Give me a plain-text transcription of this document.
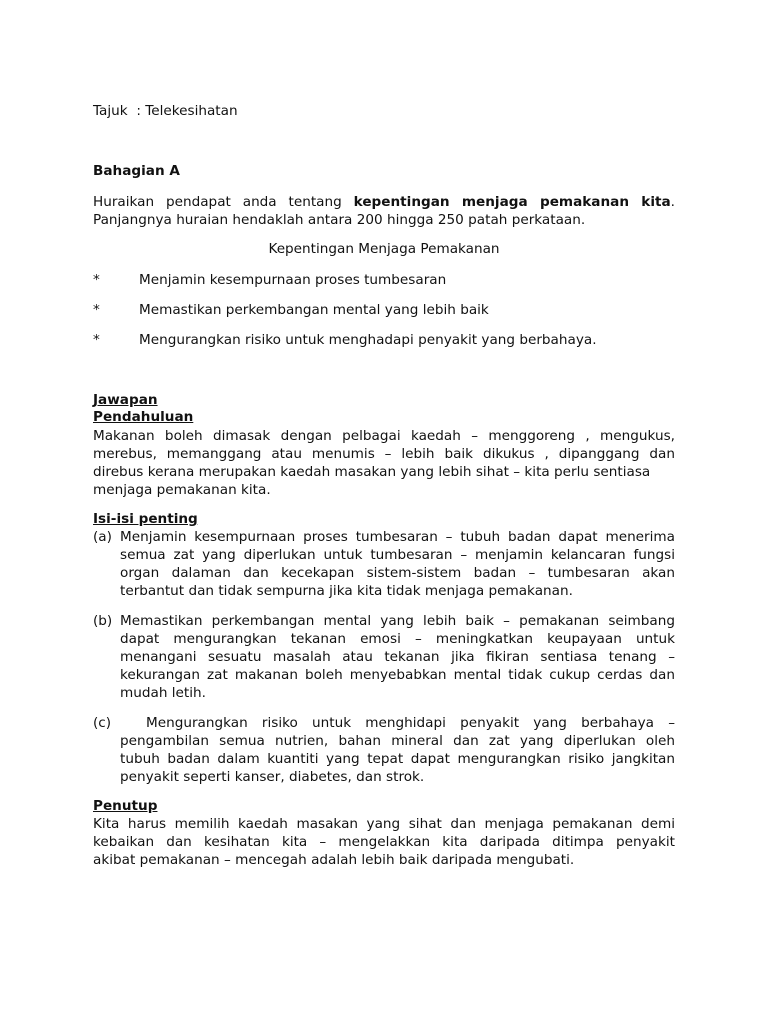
Tajuk : Telekesihatan
Bahagian A
Huraikan pendapat anda tentang kepentingan menjaga pemakanan kita.
Panjangnya huraian hendaklah antara 200 hingga 250 patah perkataan.
Kepentingan Menjaga Pemakanan
*	Menjamin kesempurnaan proses tumbesaran
*	Memastikan perkembangan mental yang lebih baik
*	Mengurangkan risiko untuk menghadapi penyakit yang berbahaya.
Jawapan
Pendahuluan
Makanan boleh dimasak dengan pelbagai kaedah – menggoreng , mengukus,
merebus, memanggang atau menumis – lebih baik dikukus , dipanggang dan
direbus kerana merupakan kaedah masakan yang lebih sihat – kita perlu sentiasa
menjaga pemakanan kita.
Isi-isi penting
(a) Menjamin kesempurnaan proses tumbesaran – tubuh badan dapat menerima
semua zat yang diperlukan untuk tumbesaran – menjamin kelancaran fungsi
organ dalaman dan kecekapan sistem-sistem badan – tumbesaran akan
terbantut dan tidak sempurna jika kita tidak menjaga pemakanan.
(b) Memastikan perkembangan mental yang lebih baik – pemakanan seimbang
dapat mengurangkan tekanan emosi – meningkatkan keupayaan untuk
menangani sesuatu masalah atau tekanan jika fikiran sentiasa tenang –
kekurangan zat makanan boleh menyebabkan mental tidak cukup cerdas dan
mudah letih.
(c)	Mengurangkan risiko untuk menghidapi penyakit yang berbahaya –
pengambilan semua nutrien, bahan mineral dan zat yang diperlukan oleh
tubuh badan dalam kuantiti yang tepat dapat mengurangkan risiko jangkitan
penyakit seperti kanser, diabetes, dan strok.
Penutup
Kita harus memilih kaedah masakan yang sihat dan menjaga pemakanan demi
kebaikan dan kesihatan kita – mengelakkan kita daripada ditimpa penyakit
akibat pemakanan – mencegah adalah lebih baik daripada mengubati.
